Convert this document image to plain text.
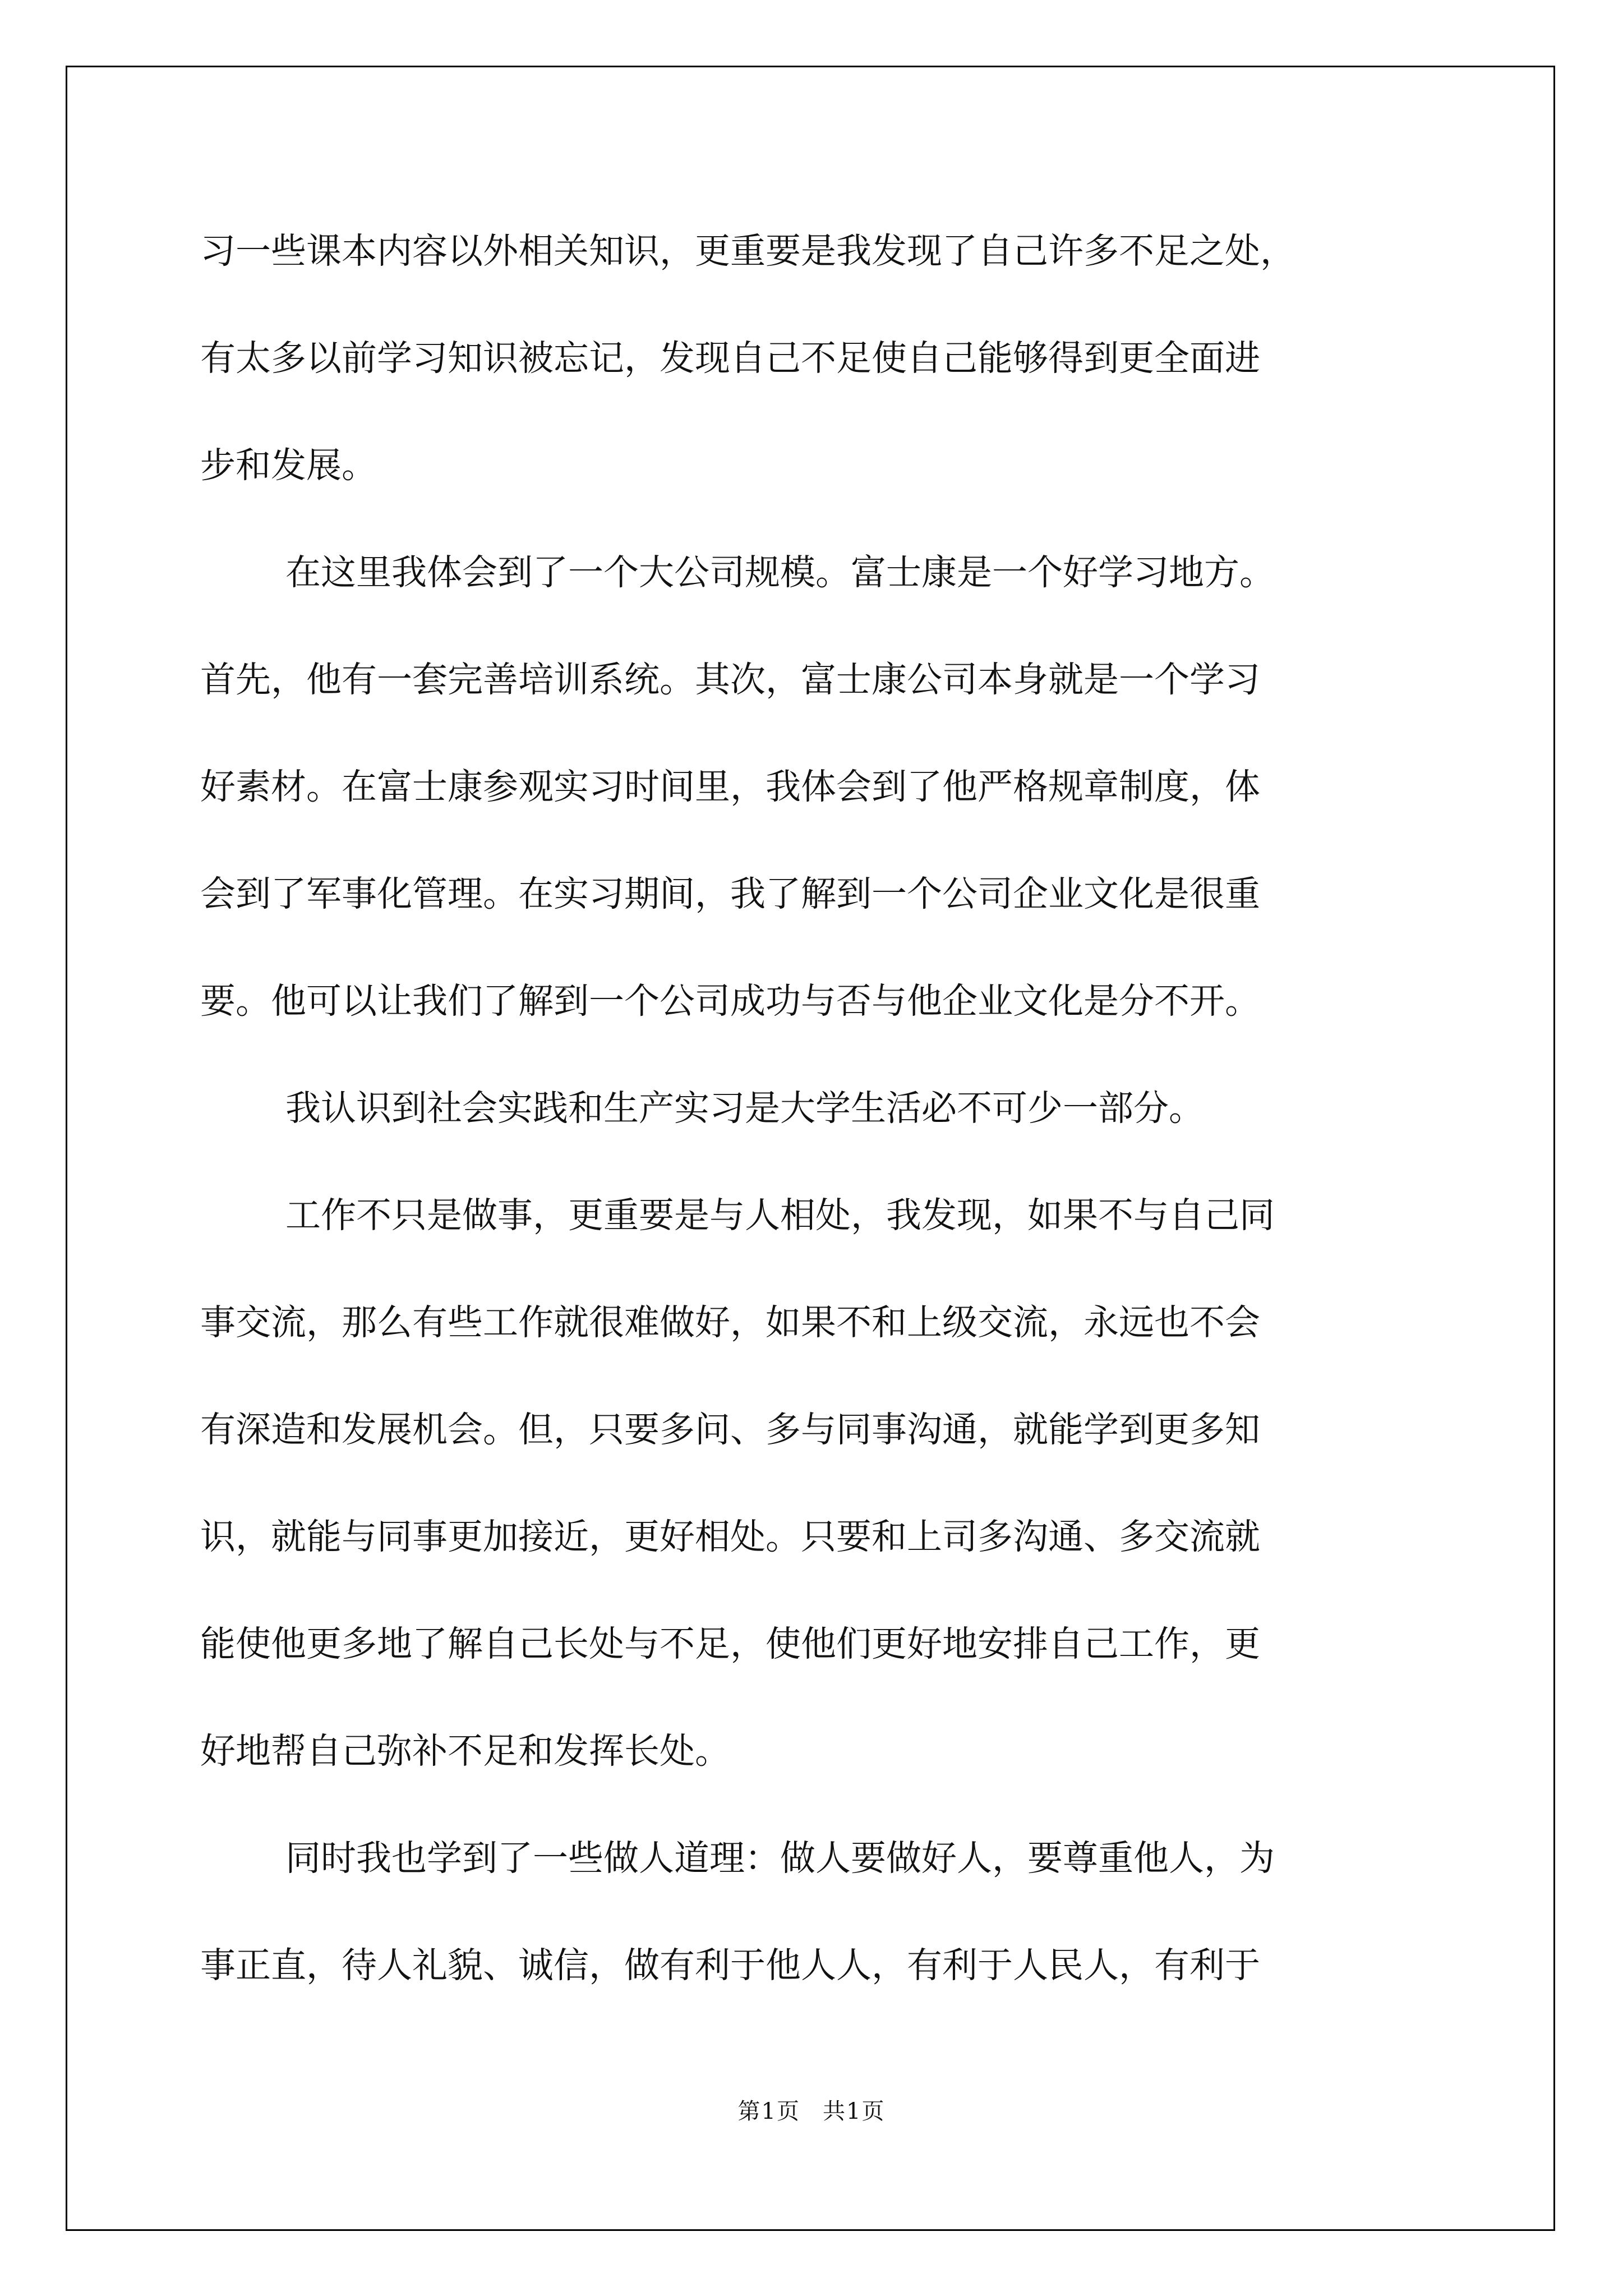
习一些课本内容以外相关知识，更重要是我发现了自己许多不足之处，
有太多以前学习知识被忘记，发现自己不足使自己能够得到更全面进
步和发展。
在这里我体会到了一个大公司规模。富士康是一个好学习地方。
首先，他有一套完善培训系统。其次，富士康公司本身就是一个学习
好素材。在富士康参观实习时间里，我体会到了他严格规章制度，体
会到了军事化管理。在实习期间，我了解到一个公司企业文化是很重
要。他可以让我们了解到一个公司成功与否与他企业文化是分不开。
我认识到社会实践和生产实习是大学生活必不可少一部分。
工作不只是做事，更重要是与人相处，我发现，如果不与自己同
事交流，那么有些工作就很难做好，如果不和上级交流，永远也不会
有深造和发展机会。但，只要多问、多与同事沟通，就能学到更多知
识，就能与同事更加接近，更好相处。只要和上司多沟通、多交流就
能使他更多地了解自己长处与不足，使他们更好地安排自己工作，更
好地帮自己弥补不足和发挥长处。
同时我也学到了一些做人道理：做人要做好人，要尊重他人，为
事正直，待人礼貌、诚信，做有利于他人人，有利于人民人，有利于
第1页 共1页
